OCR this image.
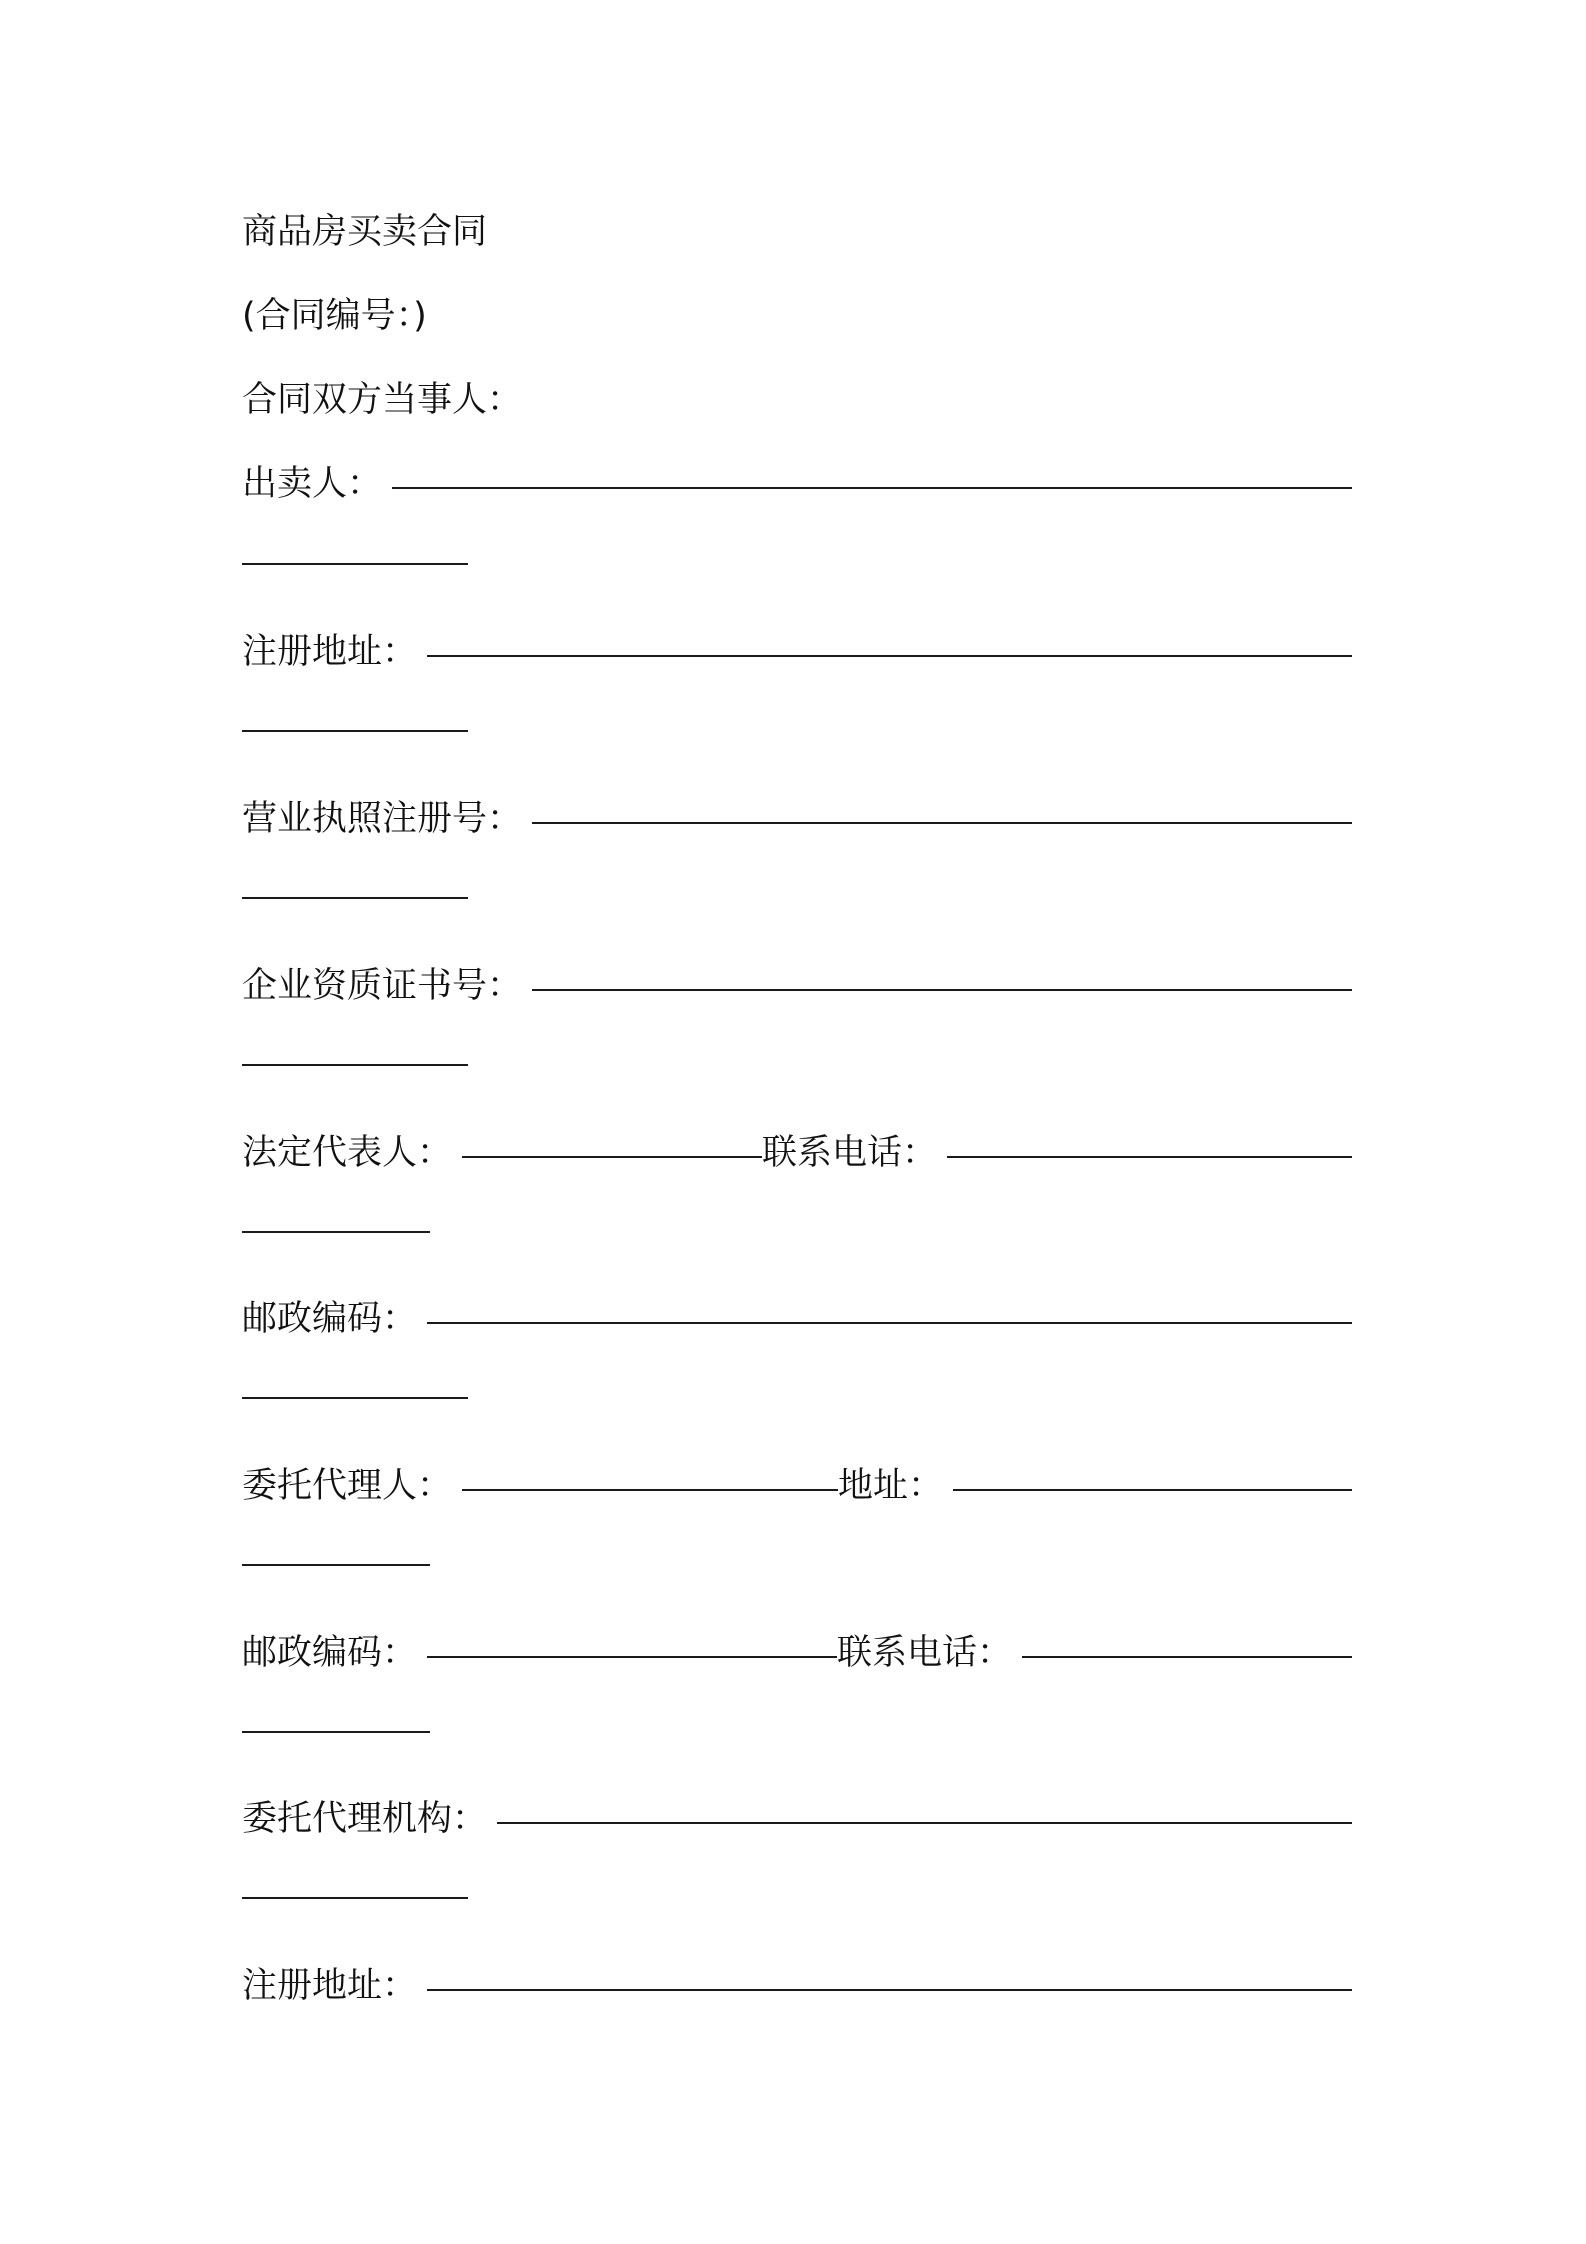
商品房买卖合同
(合同编号：)
合同双方当事人：
出卖人：
注册地址：
营业执照注册号：
企业资质证书号：
法定代表人：	联系电话：
邮政编码：
委托代理人：	地址：
邮政编码：	联系电话：
委托代理机构：
注册地址：
